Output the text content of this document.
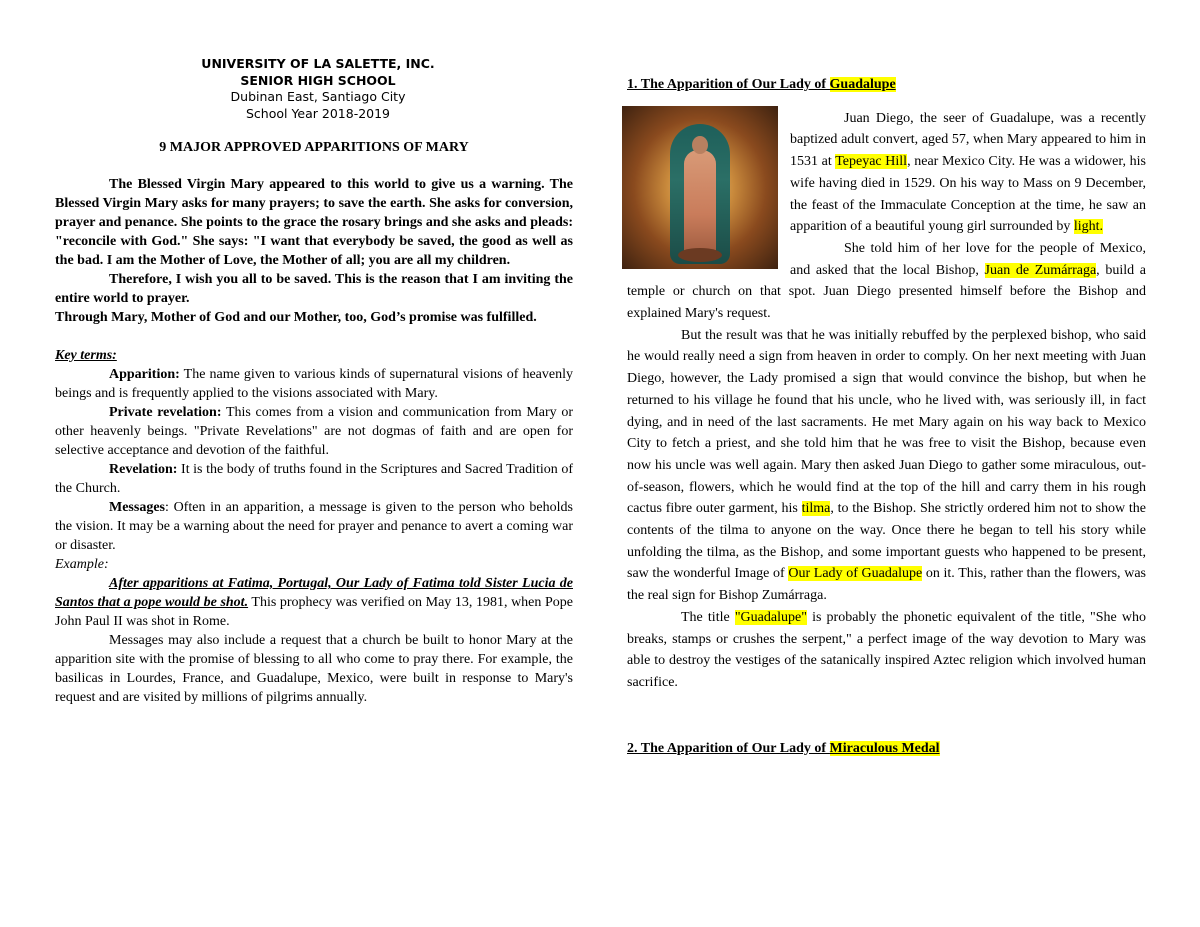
UNIVERSITY OF LA SALETTE, INC.
SENIOR HIGH SCHOOL
Dubinan East, Santiago City
School Year 2018-2019
9 MAJOR APPROVED APPARITIONS OF MARY

The Blessed Virgin Mary appeared to this world to give us a warning. The Blessed Virgin Mary asks for many prayers; to save the earth. She asks for conversion, prayer and penance. She points to the grace the rosary brings and she asks and pleads: "reconcile with God." She says: "I want that everybody be saved, the good as well as the bad. I am the Mother of Love, the Mother of all; you are all my children.

Therefore, I wish you all to be saved. This is the reason that I am inviting the entire world to prayer.

Through Mary, Mother of God and our Mother, too, God’s promise was fulfilled.

Key terms:

Apparition: The name given to various kinds of supernatural visions of heavenly beings and is frequently applied to the visions associated with Mary.

Private revelation: This comes from a vision and communication from Mary or other heavenly beings. "Private Revelations" are not dogmas of faith and are open for selective acceptance and devotion of the faithful.

Revelation: It is the body of truths found in the Scriptures and Sacred Tradition of the Church.

Messages: Often in an apparition, a message is given to the person who beholds the vision. It may be a warning about the need for prayer and penance to avert a coming war or disaster.

Example:

After apparitions at Fatima, Portugal, Our Lady of Fatima told Sister Lucia de Santos that a pope would be shot. This prophecy was verified on May 13, 1981, when Pope John Paul II was shot in Rome.

Messages may also include a request that a church be built to honor Mary at the apparition site with the promise of blessing to all who come to pray there. For example, the basilicas in Lourdes, France, and Guadalupe, Mexico, were built in response to Mary's request and are visited by millions of pilgrims annually.

1. The Apparition of Our Lady of Guadalupe

Juan Diego, the seer of Guadalupe, was a recently baptized adult convert, aged 57, when Mary appeared to him in 1531 at Tepeyac Hill, near Mexico City. He was a widower, his wife having died in 1529. On his way to Mass on 9 December, the feast of the Immaculate Conception at the time, he saw an apparition of a beautiful young girl surrounded by light.

She told him of her love for the people of Mexico, and asked that the local Bishop, Juan de Zumárraga, build a temple or church on that spot. Juan Diego presented himself before the Bishop and explained Mary's request.

But the result was that he was initially rebuffed by the perplexed bishop, who said he would really need a sign from heaven in order to comply. On her next meeting with Juan Diego, however, the Lady promised a sign that would convince the bishop, but when he returned to his village he found that his uncle, who he lived with, was seriously ill, in fact dying, and in need of the last sacraments. He met Mary again on his way back to Mexico City to fetch a priest, and she told him that he was free to visit the Bishop, because even now his uncle was well again. Mary then asked Juan Diego to gather some miraculous, out-of-season, flowers, which he would find at the top of the hill and carry them in his rough cactus fibre outer garment, his tilma, to the Bishop. She strictly ordered him not to show the contents of the tilma to anyone on the way. Once there he began to tell his story while unfolding the tilma, as the Bishop, and some important guests who happened to be present, saw the wonderful Image of Our Lady of Guadalupe on it. This, rather than the flowers, was the real sign for Bishop Zumárraga.

The title "Guadalupe" is probably the phonetic equivalent of the title, "She who breaks, stamps or crushes the serpent," a perfect image of the way devotion to Mary was able to destroy the vestiges of the satanically inspired Aztec religion which involved human sacrifice.

2. The Apparition of Our Lady of Miraculous Medal
